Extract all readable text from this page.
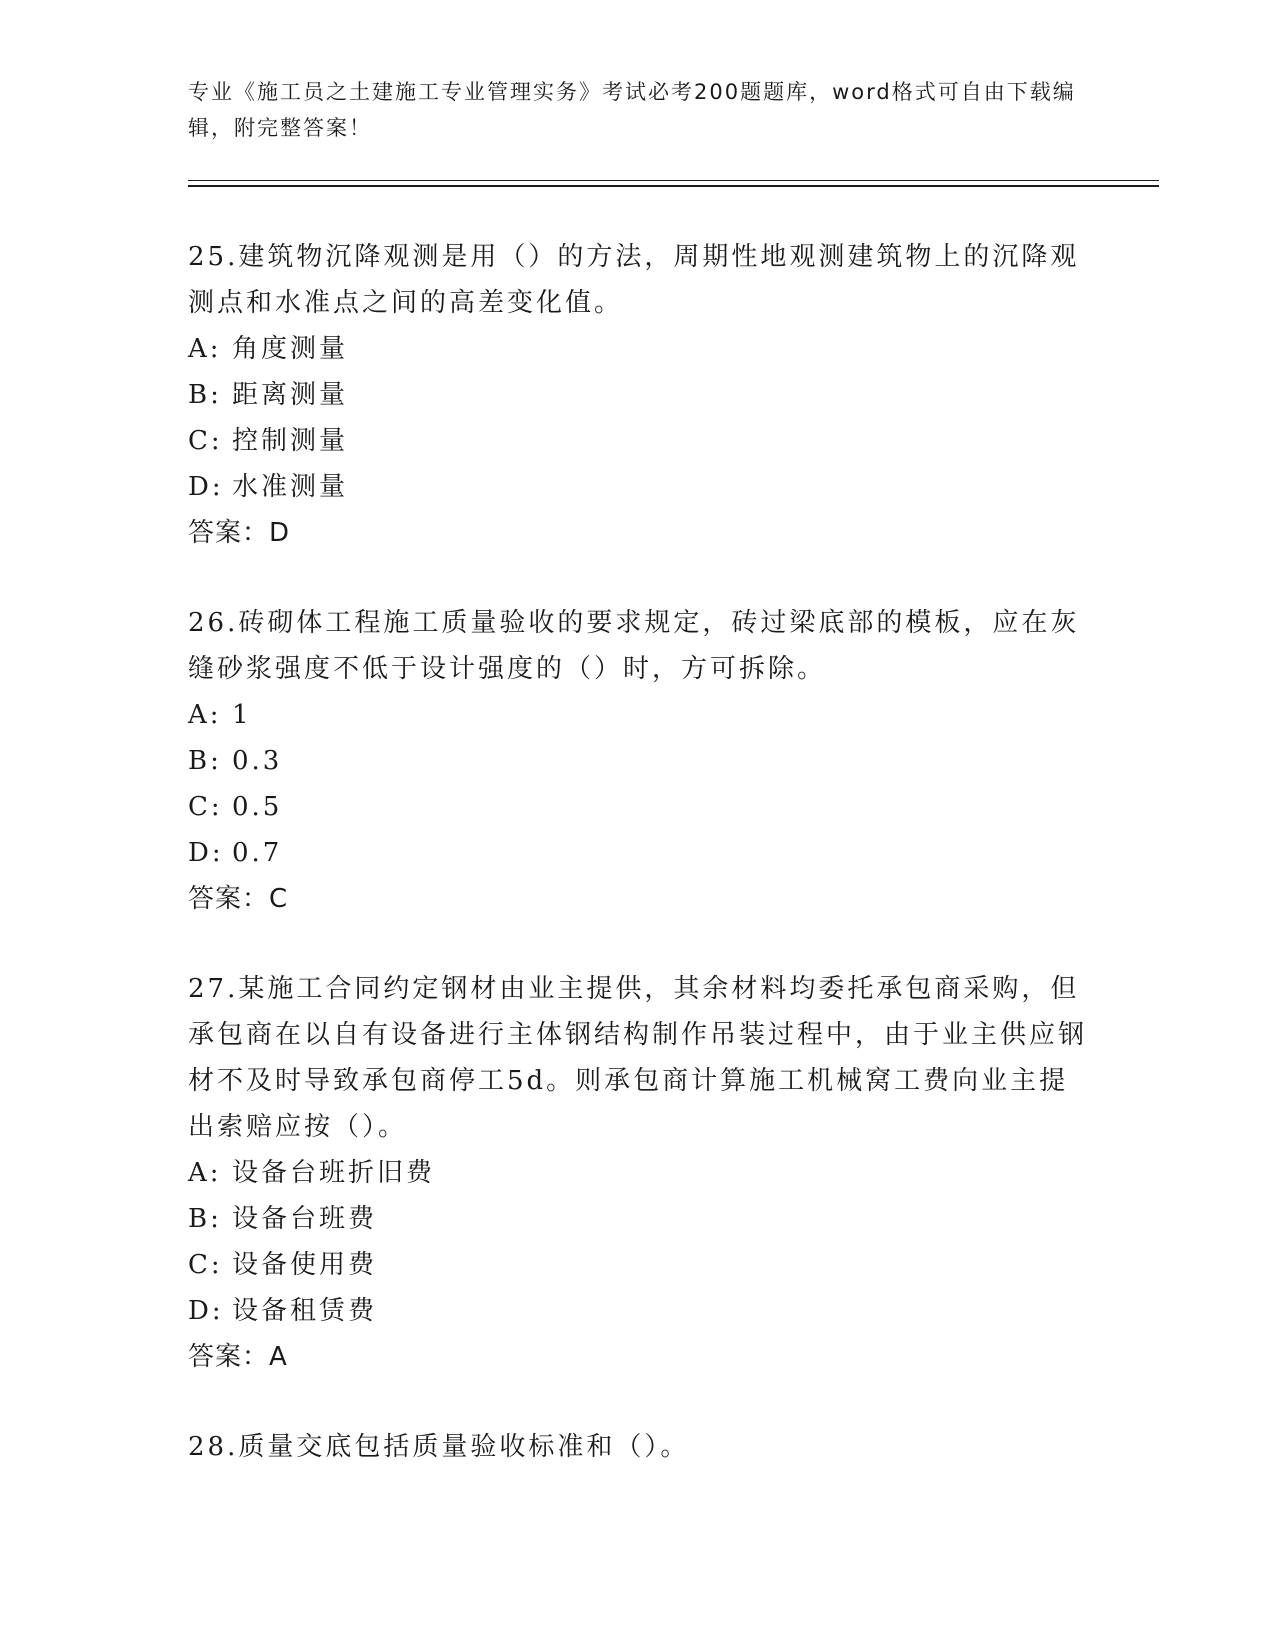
专业《施工员之土建施工专业管理实务》考试必考200题题库，word格式可自由下载编辑，附完整答案！

25.建筑物沉降观测是用（）的方法，周期性地观测建筑物上的沉降观测点和水准点之间的高差变化值。

A: 角度测量

B: 距离测量

C: 控制测量

D: 水准测量

答案：D

26.砖砌体工程施工质量验收的要求规定，砖过梁底部的模板，应在灰缝砂浆强度不低于设计强度的（）时，方可拆除。

A: 1

B: 0.3

C: 0.5

D: 0.7

答案：C

27.某施工合同约定钢材由业主提供，其余材料均委托承包商采购，但承包商在以自有设备进行主体钢结构制作吊装过程中，由于业主供应钢材不及时导致承包商停工5d。则承包商计算施工机械窝工费向业主提出索赔应按（）。

A: 设备台班折旧费

B: 设备台班费

C: 设备使用费

D: 设备租赁费

答案：A

28.质量交底包括质量验收标准和（）。
